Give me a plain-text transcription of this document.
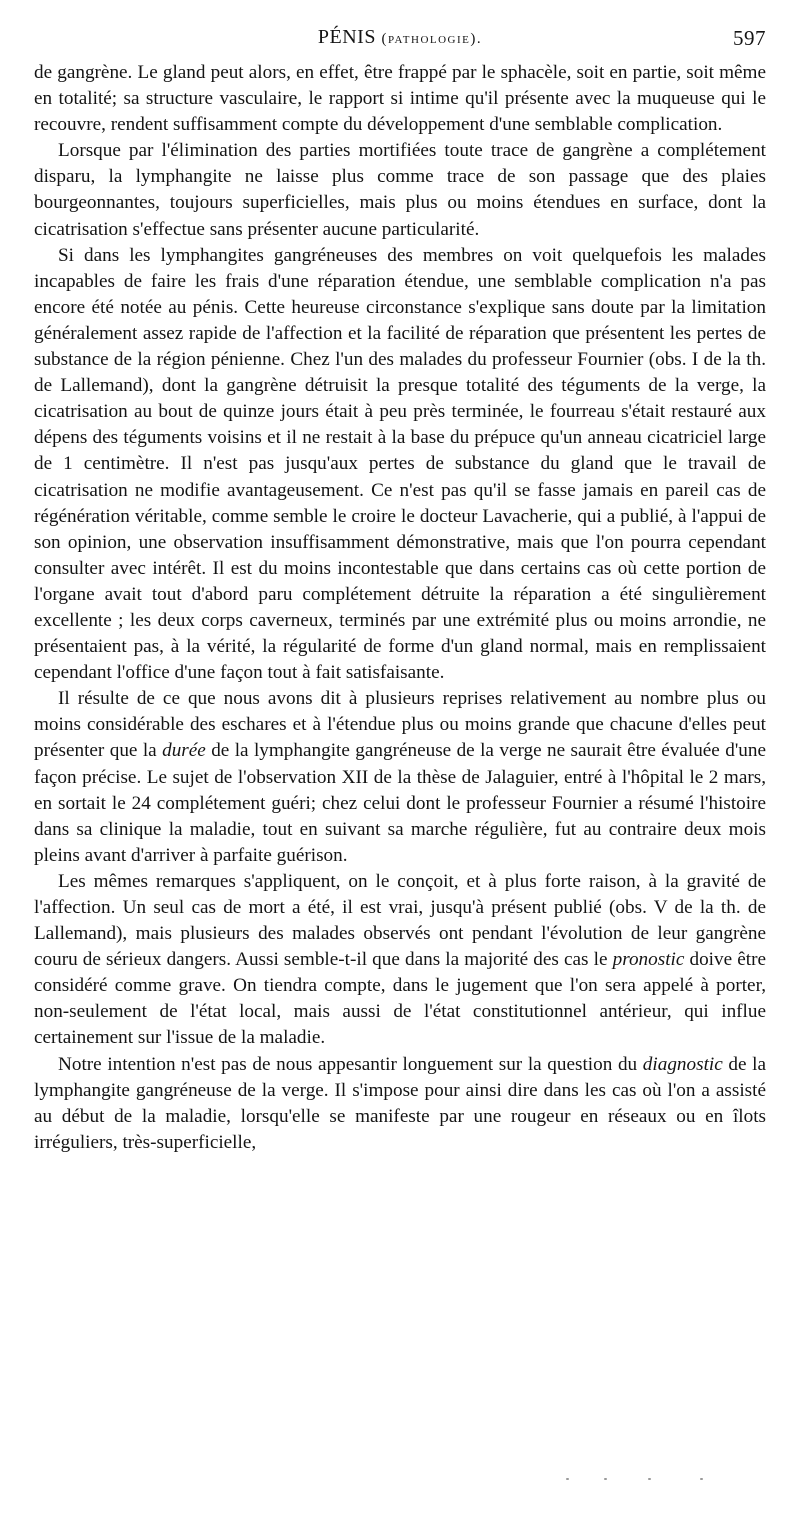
PÉNIS (pathologie).	597

de gangrène. Le gland peut alors, en effet, être frappé par le sphacèle, soit en partie, soit même en totalité; sa structure vasculaire, le rapport si intime qu'il présente avec la muqueuse qui le recouvre, rendent suffisamment compte du développement d'une semblable complication.

Lorsque par l'élimination des parties mortifiées toute trace de gangrène a complétement disparu, la lymphangite ne laisse plus comme trace de son passage que des plaies bourgeonnantes, toujours superficielles, mais plus ou moins étendues en surface, dont la cicatrisation s'effectue sans présenter aucune particularité.

Si dans les lymphangites gangréneuses des membres on voit quelquefois les malades incapables de faire les frais d'une réparation étendue, une semblable complication n'a pas encore été notée au pénis. Cette heureuse circonstance s'explique sans doute par la limitation généralement assez rapide de l'affection et la facilité de réparation que présentent les pertes de substance de la région pénienne. Chez l'un des malades du professeur Fournier (obs. I de la th. de Lallemand), dont la gangrène détruisit la presque totalité des téguments de la verge, la cicatrisation au bout de quinze jours était à peu près terminée, le fourreau s'était restauré aux dépens des téguments voisins et il ne restait à la base du prépuce qu'un anneau cicatriciel large de 1 centimètre. Il n'est pas jusqu'aux pertes de substance du gland que le travail de cicatrisation ne modifie avantageusement. Ce n'est pas qu'il se fasse jamais en pareil cas de régénération véritable, comme semble le croire le docteur Lavacherie, qui a publié, à l'appui de son opinion, une observation insuffisamment démonstrative, mais que l'on pourra cependant consulter avec intérêt. Il est du moins incontestable que dans certains cas où cette portion de l'organe avait tout d'abord paru complétement détruite la réparation a été singulièrement excellente ; les deux corps caverneux, terminés par une extrémité plus ou moins arrondie, ne présentaient pas, à la vérité, la régularité de forme d'un gland normal, mais en remplissaient cependant l'office d'une façon tout à fait satisfaisante.

Il résulte de ce que nous avons dit à plusieurs reprises relativement au nombre plus ou moins considérable des eschares et à l'étendue plus ou moins grande que chacune d'elles peut présenter que la durée de la lymphangite gangréneuse de la verge ne saurait être évaluée d'une façon précise. Le sujet de l'observation XII de la thèse de Jalaguier, entré à l'hôpital le 2 mars, en sortait le 24 complétement guéri; chez celui dont le professeur Fournier a résumé l'histoire dans sa clinique la maladie, tout en suivant sa marche régulière, fut au contraire deux mois pleins avant d'arriver à parfaite guérison.

Les mêmes remarques s'appliquent, on le conçoit, et à plus forte raison, à la gravité de l'affection. Un seul cas de mort a été, il est vrai, jusqu'à présent publié (obs. V de la th. de Lallemand), mais plusieurs des malades observés ont pendant l'évolution de leur gangrène couru de sérieux dangers. Aussi semble-t-il que dans la majorité des cas le pronostic doive être considéré comme grave. On tiendra compte, dans le jugement que l'on sera appelé à porter, non-seulement de l'état local, mais aussi de l'état constitutionnel antérieur, qui influe certainement sur l'issue de la maladie.

Notre intention n'est pas de nous appesantir longuement sur la question du diagnostic de la lymphangite gangréneuse de la verge. Il s'impose pour ainsi dire dans les cas où l'on a assisté au début de la maladie, lorsqu'elle se manifeste par une rougeur en réseaux ou en îlots irréguliers, très-superficielle,
